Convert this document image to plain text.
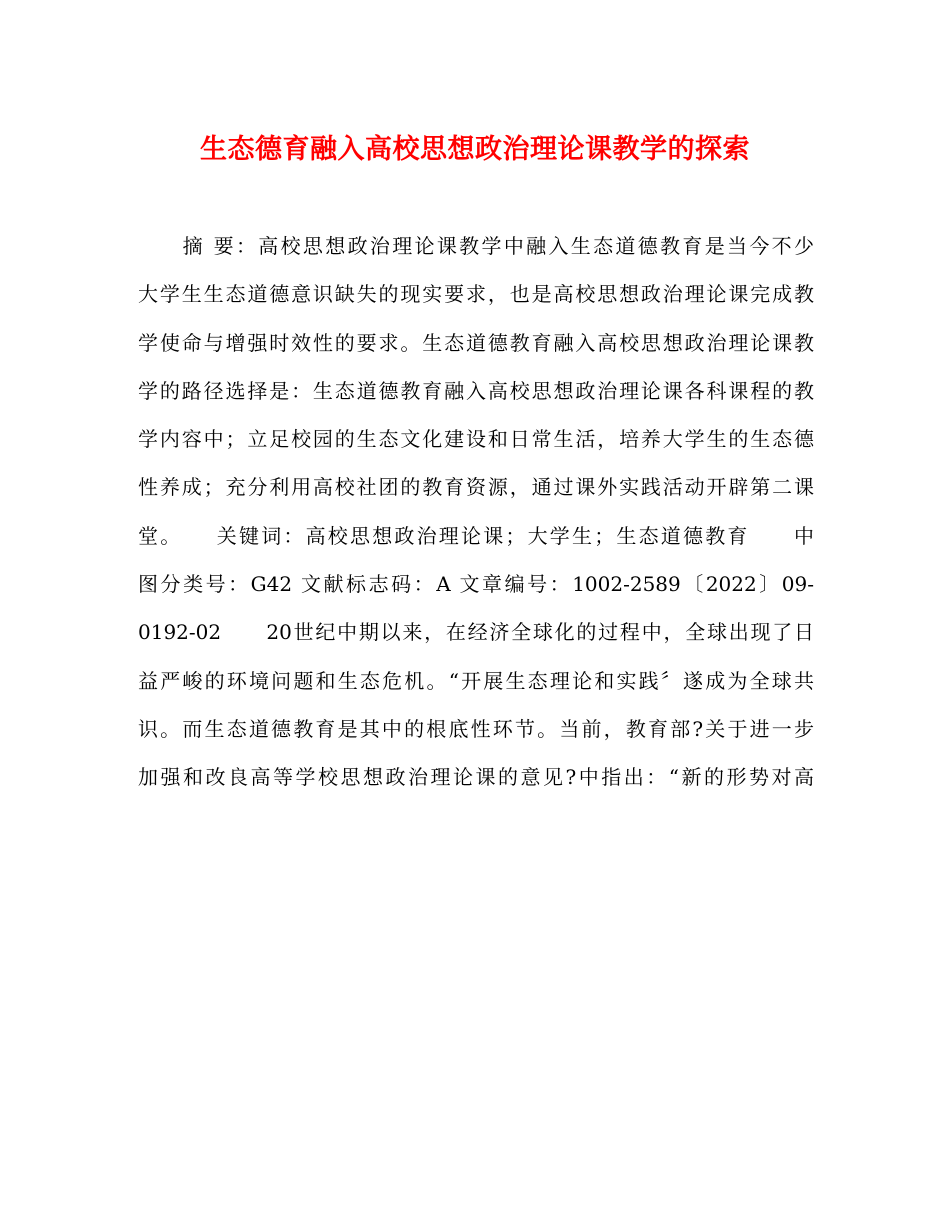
生态德育融入高校思想政治理论课教学的探索
　　摘 要：高校思想政治理论课教学中融入生态道德教育是当今不少
大学生生态道德意识缺失的现实要求，也是高校思想政治理论课完成教
学使命与增强时效性的要求。生态道德教育融入高校思想政治理论课教
学的路径选择是：生态道德教育融入高校思想政治理论课各科课程的教
学内容中；立足校园的生态文化建设和日常生活，培养大学生的生态德
性养成；充分利用高校社团的教育资源，通过课外实践活动开辟第二课
堂。　　关键词：高校思想政治理论课；大学生；生态道德教育　　中
图分类号：G42 文献标志码：A 文章编号：1002-2589〔2022〕09-
0192-02　　20世纪中期以来，在经济全球化的过程中，全球出现了日
益严峻的环境问题和生态危机。“开展生态理论和实践〞遂成为全球共
识。而生态道德教育是其中的根底性环节。当前，教育部?关于进一步
加强和改良高等学校思想政治理论课的意见?中指出：“新的形势对高
